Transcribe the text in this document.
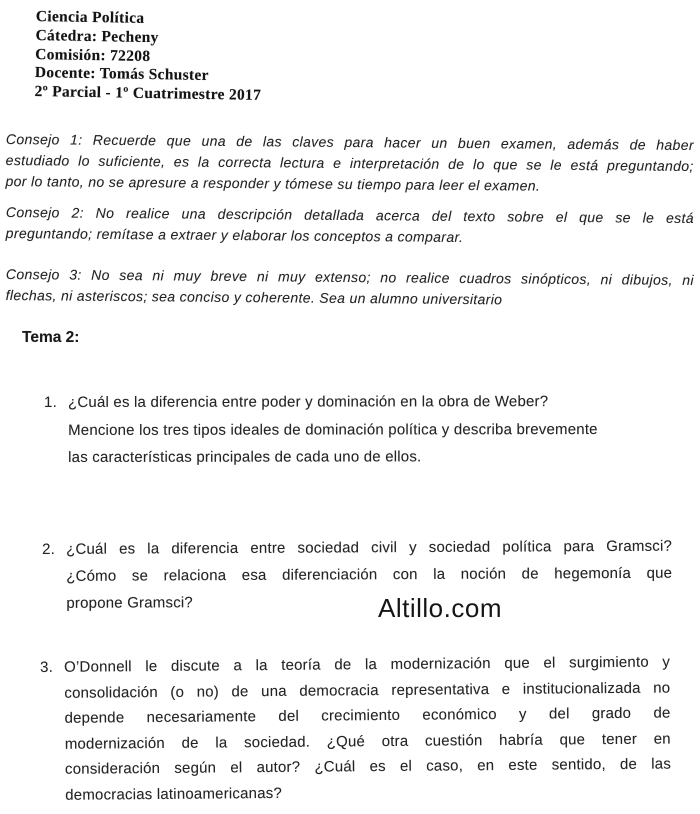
Ciencia Política
Cátedra: Pecheny
Comisión: 72208
Docente: Tomás Schuster
2º Parcial - 1º Cuatrimestre 2017
Consejo 1: Recuerde que una de las claves para hacer un buen examen, además de haber
estudiado lo suficiente, es la correcta lectura e interpretación de lo que se le está preguntando;
por lo tanto, no se apresure a responder y tómese su tiempo para leer el examen.
Consejo 2: No realice una descripción detallada acerca del texto sobre el que se le está
preguntando; remítase a extraer y elaborar los conceptos a comparar.
Consejo 3: No sea ni muy breve ni muy extenso; no realice cuadros sinópticos, ni dibujos, ni
flechas, ni asteriscos; sea conciso y coherente. Sea un alumno universitario
Tema 2:
1. ¿Cuál es la diferencia entre poder y dominación en la obra de Weber?
Mencione los tres tipos ideales de dominación política y describa brevemente
las características principales de cada uno de ellos.
2. ¿Cuál es la diferencia entre sociedad civil y sociedad política para Gramsci?
¿Cómo se relaciona esa diferenciación con la noción de hegemonía que
propone Gramsci?	Altillo.com
3. O’Donnell le discute a la teoría de la modernización que el surgimiento y
consolidación (o no) de una democracia representativa e institucionalizada no
depende necesariamente del crecimiento económico y del grado de
modernización de la sociedad. ¿Qué otra cuestión habría que tener en
consideración según el autor? ¿Cuál es el caso, en este sentido, de las
democracias latinoamericanas?
